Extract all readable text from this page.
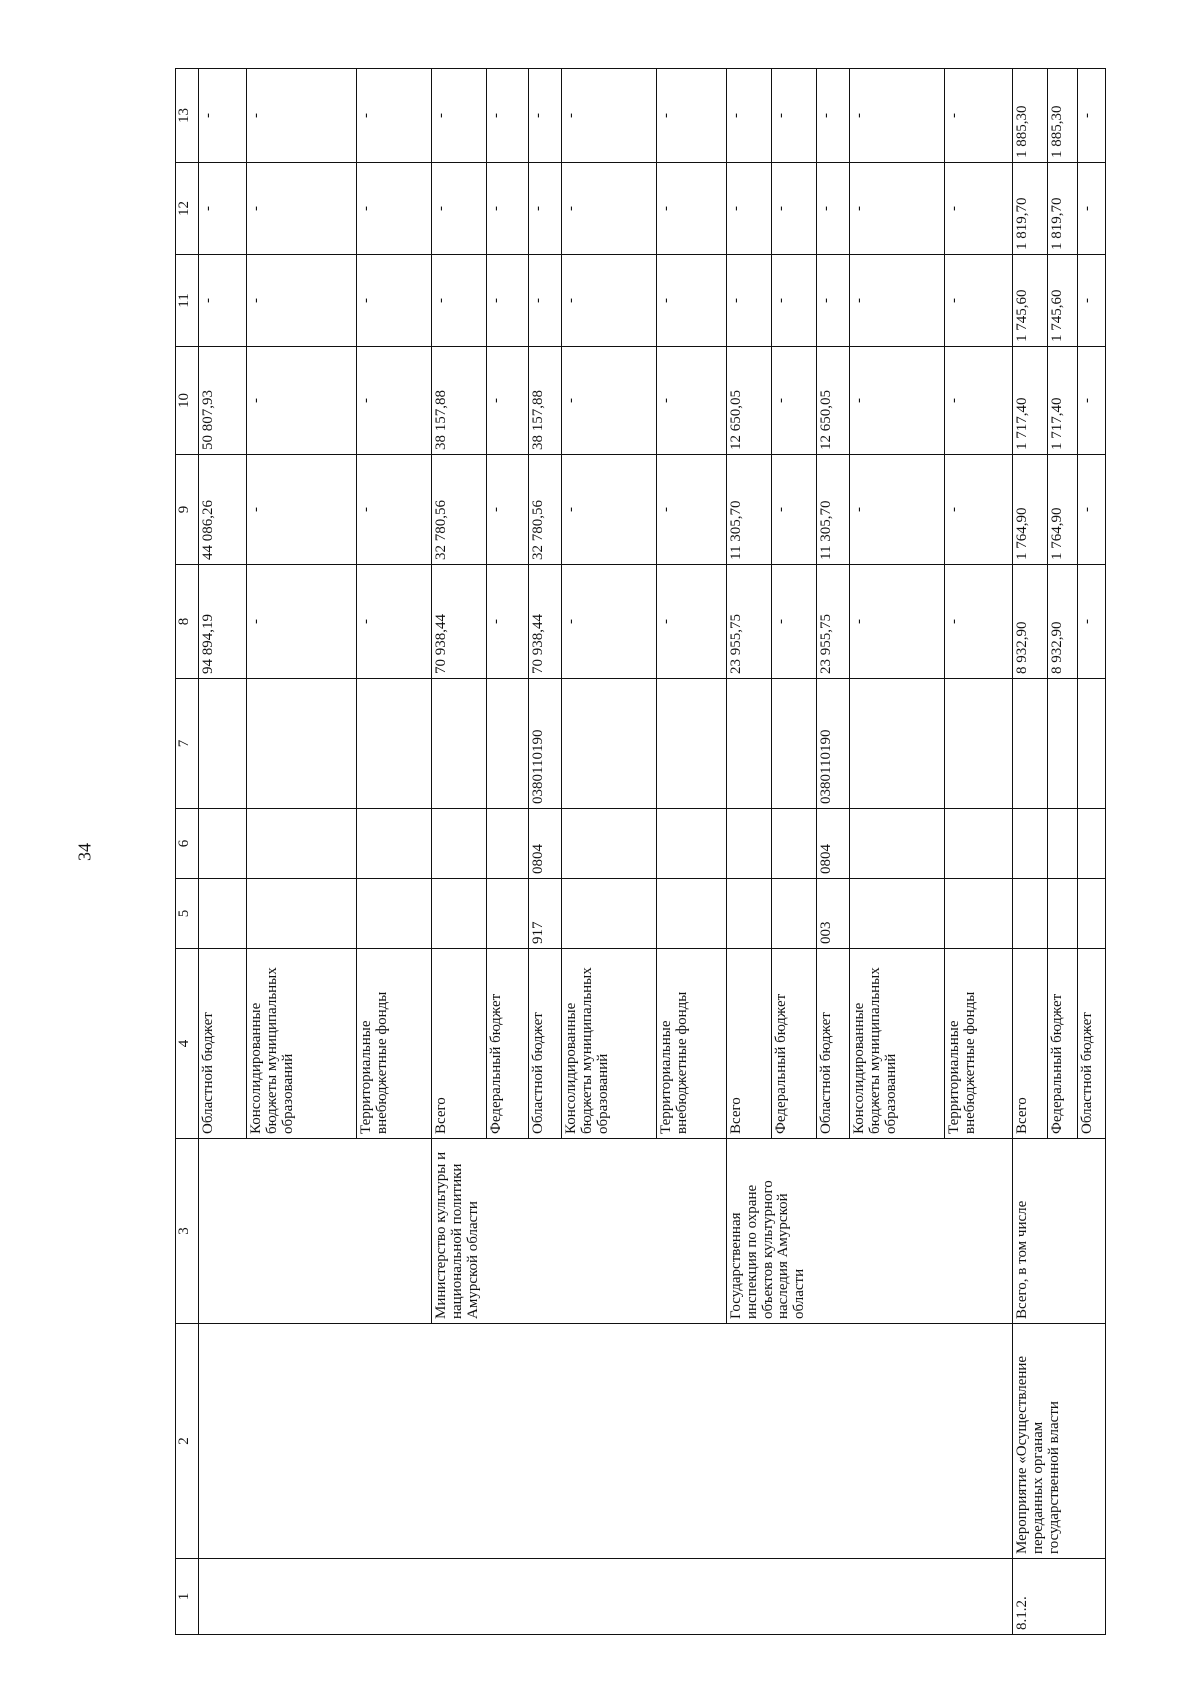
34
1	2	3	4	5	6	7	8	9	10	11	12	13
			Областной бюджет				94 894,19	44 086,26	50 807,93	-	-	-
			Консолидированные бюджеты муниципальных образований				-	-	-	-	-	-
			Территориальные внебюджетные фонды				-	-	-	-	-	-
		Министерство культуры и национальной политики Амурской области	Всего				70 938,44	32 780,56	38 157,88	-	-	-
			Федеральный бюджет				-	-	-	-	-	-
			Областной бюджет	917	0804	0380110190	70 938,44	32 780,56	38 157,88	-	-	-
			Консолидированные бюджеты муниципальных образований				-	-	-	-	-	-
			Территориальные внебюджетные фонды				-	-	-	-	-	-
		Государственная инспекция по охране объектов культурного наследия Амурской области	Всего				23 955,75	11 305,70	12 650,05	-	-	-
			Федеральный бюджет				-	-	-	-	-	-
			Областной бюджет	003	0804	0380110190	23 955,75	11 305,70	12 650,05	-	-	-
			Консолидированные бюджеты муниципальных образований				-	-	-	-	-	-
			Территориальные внебюджетные фонды				-	-	-	-	-	-
8.1.2.	Мероприятие «Осуществление переданных органам государственной власти	Всего, в том числе	Всего				8 932,90	1 764,90	1 717,40	1 745,60	1 819,70	1 885,30
			Федеральный бюджет				8 932,90	1 764,90	1 717,40	1 745,60	1 819,70	1 885,30
			Областной бюджет				-	-	-	-	-	-
